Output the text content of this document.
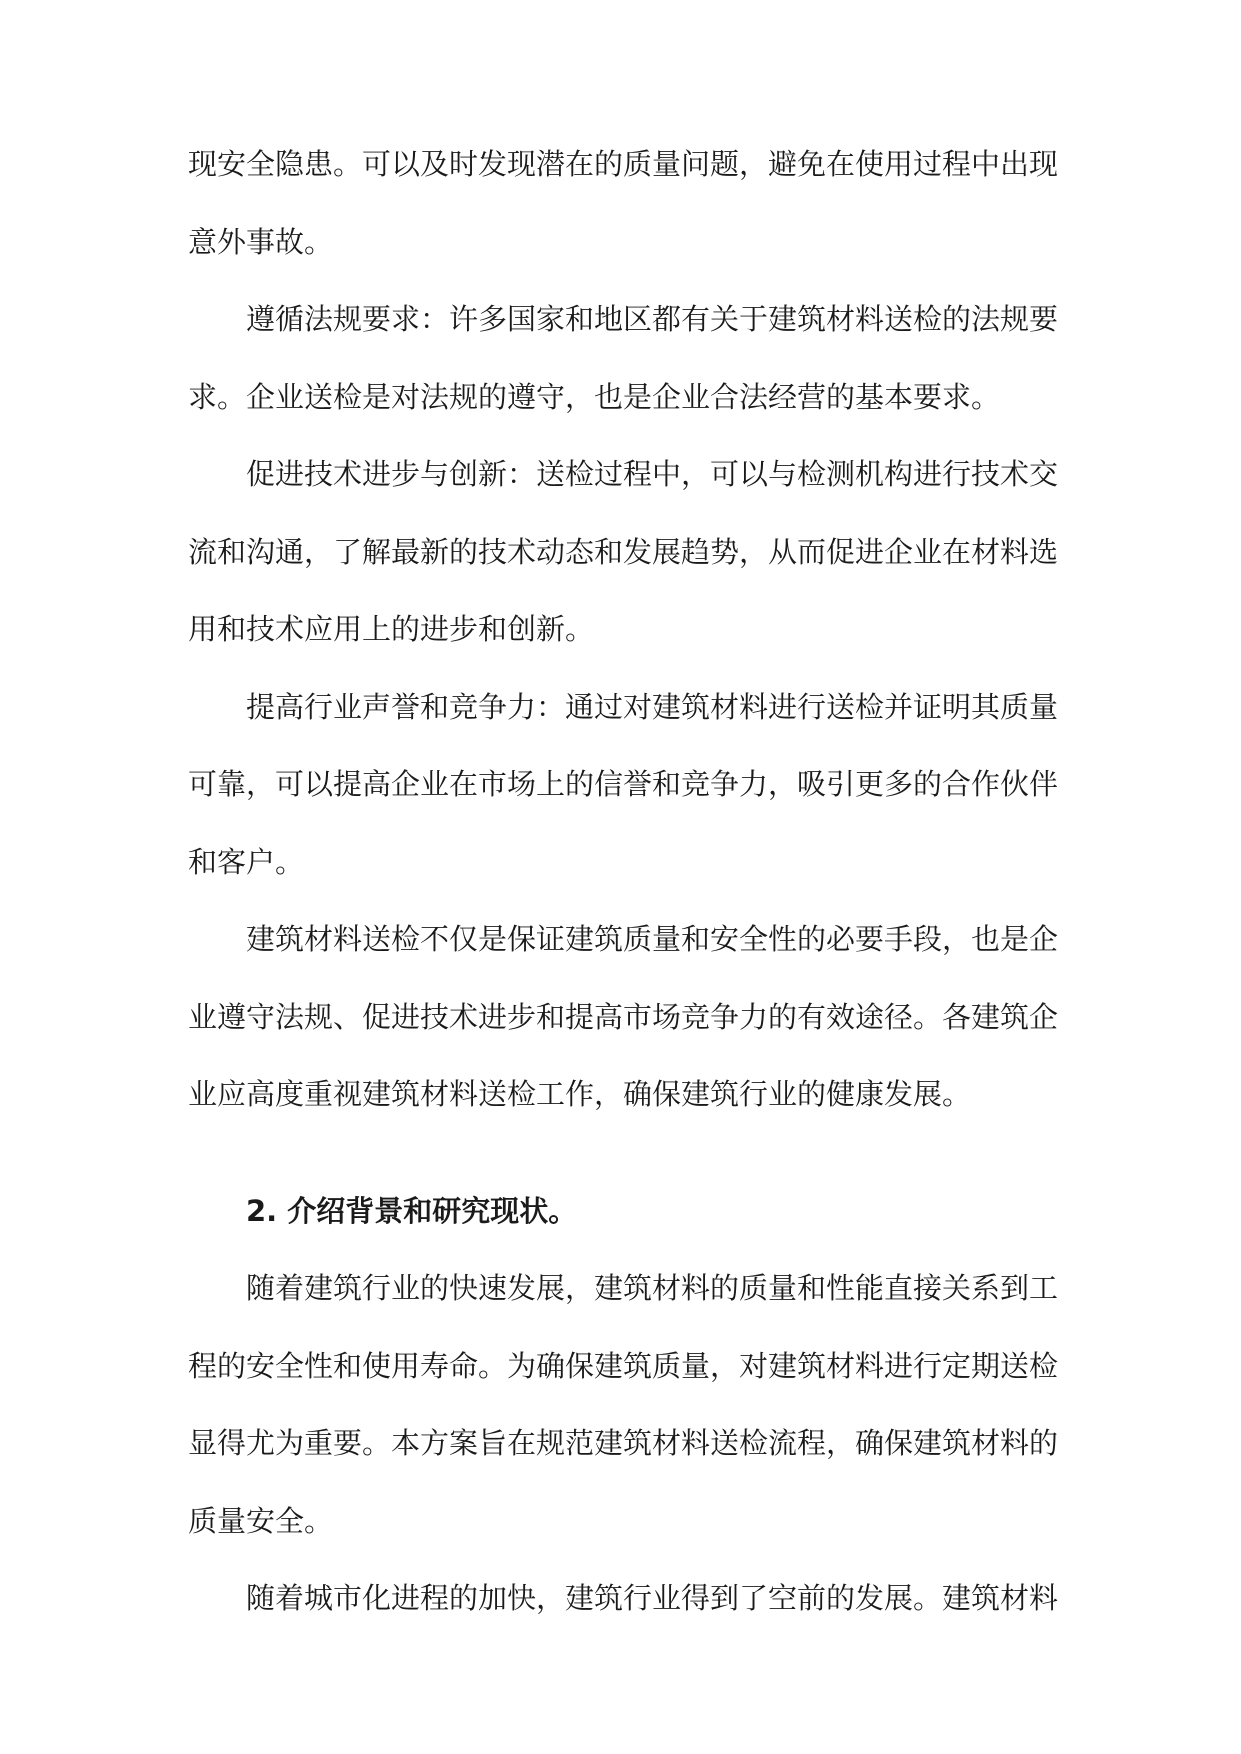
现安全隐患。可以及时发现潜在的质量问题，避免在使用过程中出现意外事故。

遵循法规要求：许多国家和地区都有关于建筑材料送检的法规要求。企业送检是对法规的遵守，也是企业合法经营的基本要求。

促进技术进步与创新：送检过程中，可以与检测机构进行技术交流和沟通，了解最新的技术动态和发展趋势，从而促进企业在材料选用和技术应用上的进步和创新。

提高行业声誉和竞争力：通过对建筑材料进行送检并证明其质量可靠，可以提高企业在市场上的信誉和竞争力，吸引更多的合作伙伴和客户。

建筑材料送检不仅是保证建筑质量和安全性的必要手段，也是企业遵守法规、促进技术进步和提高市场竞争力的有效途径。各建筑企业应高度重视建筑材料送检工作，确保建筑行业的健康发展。

2. 介绍背景和研究现状。

随着建筑行业的快速发展，建筑材料的质量和性能直接关系到工程的安全性和使用寿命。为确保建筑质量，对建筑材料进行定期送检显得尤为重要。本方案旨在规范建筑材料送检流程，确保建筑材料的质量安全。

随着城市化进程的加快，建筑行业得到了空前的发展。建筑材料
